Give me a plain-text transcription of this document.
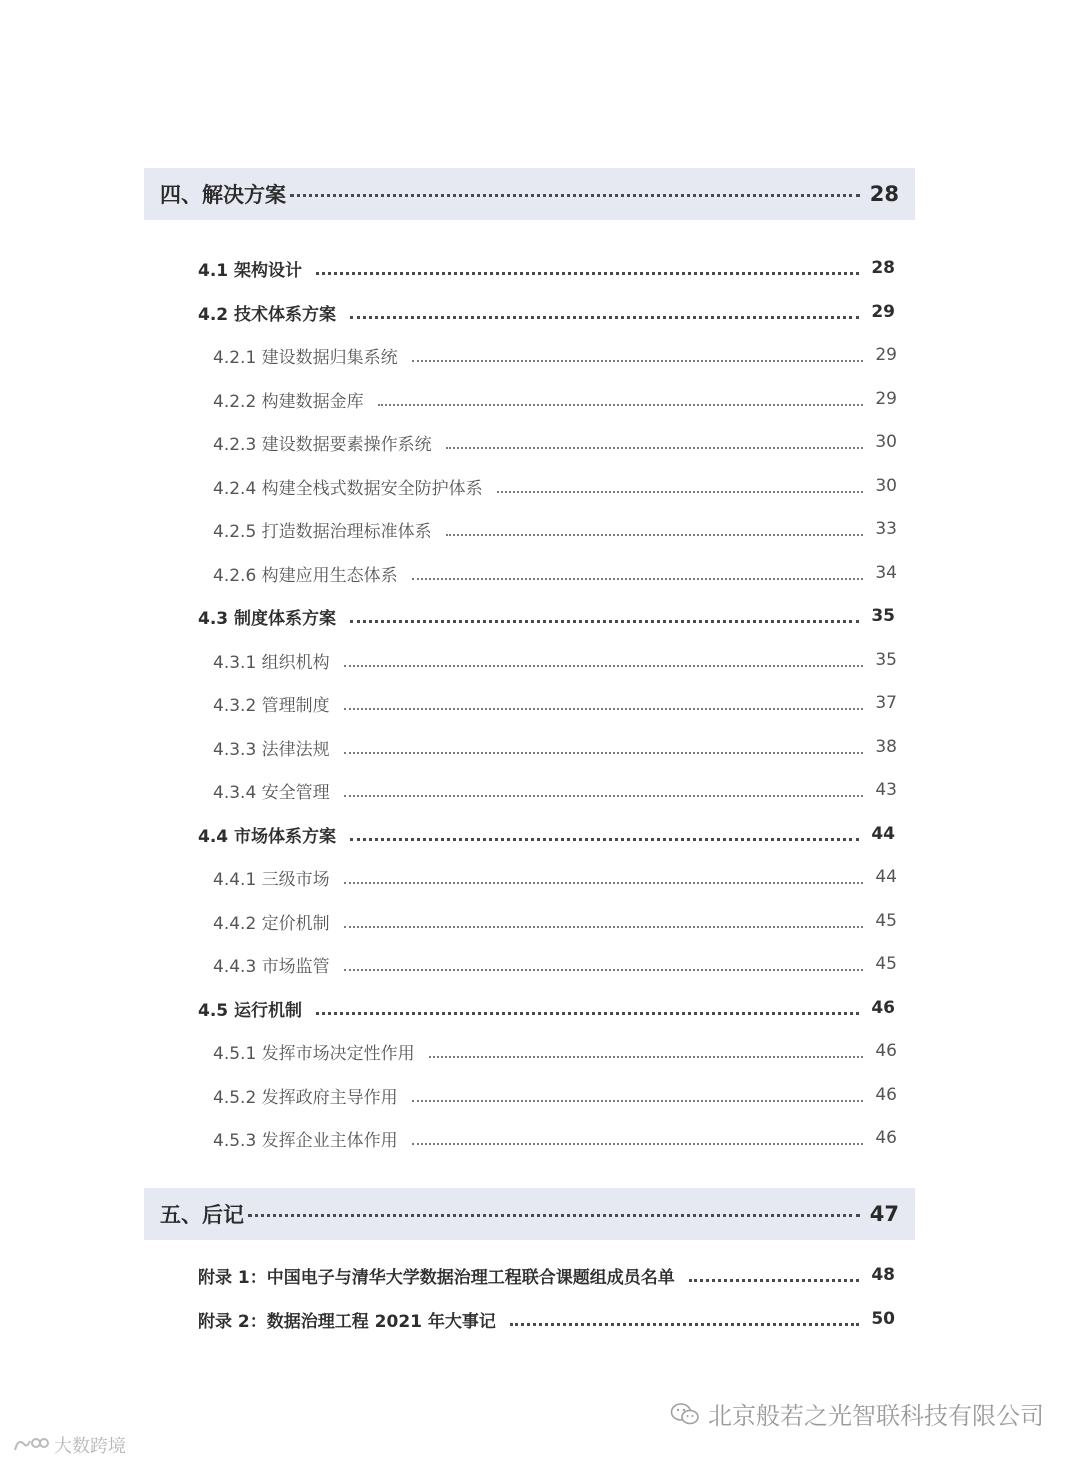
四、解决方案	28
4.1 架构设计	28
4.2 技术体系方案	29
4.2.1 建设数据归集系统	29
4.2.2 构建数据金库	29
4.2.3 建设数据要素操作系统	30
4.2.4 构建全栈式数据安全防护体系	30
4.2.5 打造数据治理标准体系	33
4.2.6 构建应用生态体系	34
4.3 制度体系方案	35
4.3.1 组织机构	35
4.3.2 管理制度	37
4.3.3 法律法规	38
4.3.4 安全管理	43
4.4 市场体系方案	44
4.4.1 三级市场	44
4.4.2 定价机制	45
4.4.3 市场监管	45
4.5 运行机制	46
4.5.1 发挥市场决定性作用	46
4.5.2 发挥政府主导作用	46
4.5.3 发挥企业主体作用	46
五、后记	47
附录 1：中国电子与清华大学数据治理工程联合课题组成员名单	48
附录 2：数据治理工程 2021 年大事记	50
北京般若之光智联科技有限公司
大数跨境
